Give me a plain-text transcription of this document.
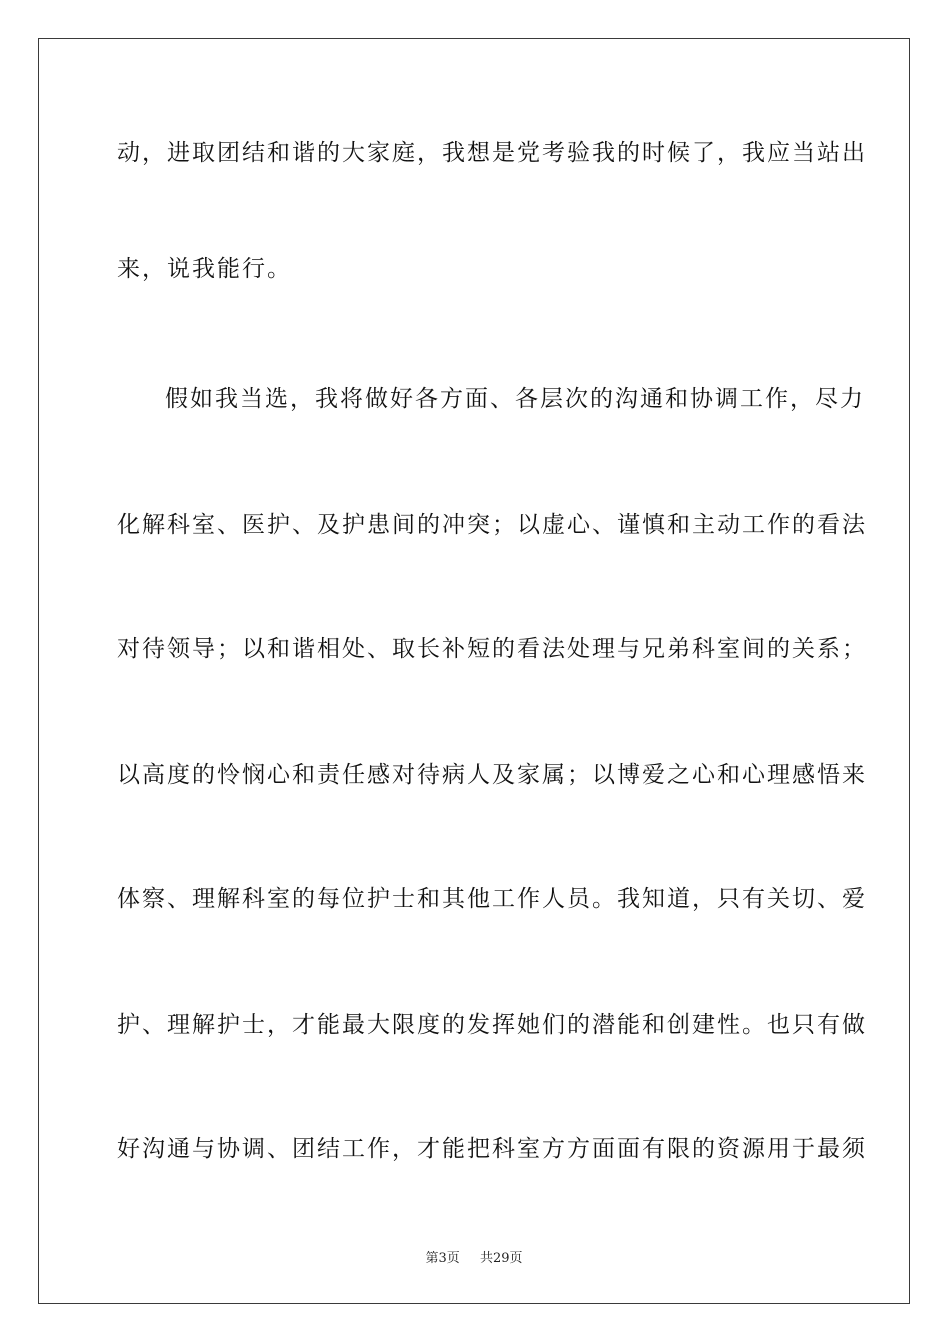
动，进取团结和谐的大家庭，我想是党考验我的时候了，我应当站出
来，说我能行。
假如我当选，我将做好各方面、各层次的沟通和协调工作，尽力
化解科室、医护、及护患间的冲突；以虚心、谨慎和主动工作的看法
对待领导；以和谐相处、取长补短的看法处理与兄弟科室间的关系；
以高度的怜悯心和责任感对待病人及家属；以博爱之心和心理感悟来
体察、理解科室的每位护士和其他工作人员。我知道，只有关切、爱
护、理解护士，才能最大限度的发挥她们的潜能和创建性。也只有做
好沟通与协调、团结工作，才能把科室方方面面有限的资源用于最须
第3页 共29页
